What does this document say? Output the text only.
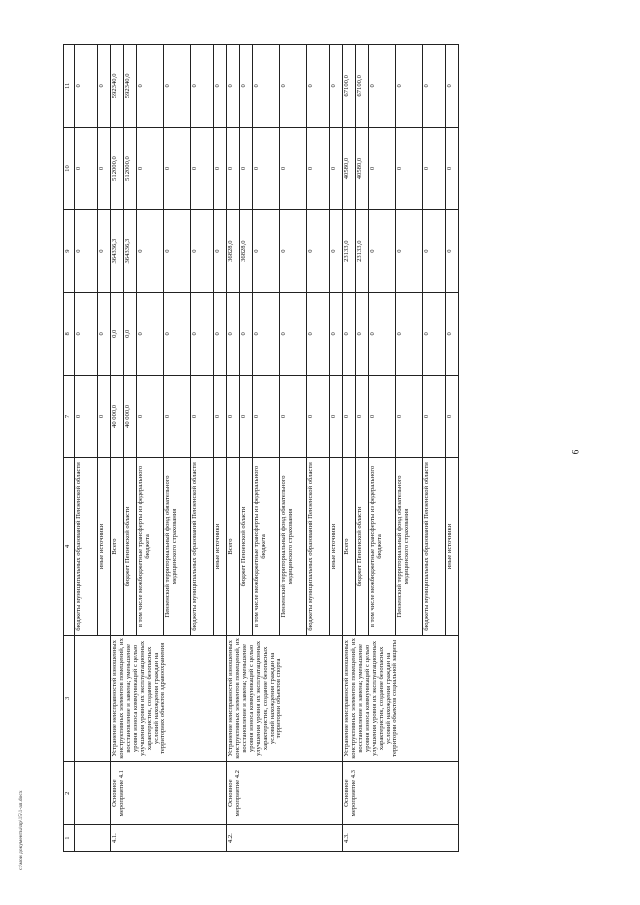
6
c:\мои документы\пр\15\1-ап.docx	1	2	3	4	7	8	9	10	11
			бюджеты муниципальных образований Пензенской области	0	0	0	0	0
			иные источники	0	0	0	0	0
4.1.	Основное мероприятие 4.1	Устранение неисправностей изношенных конструктивных элементов помещений, их восстановление и замена; уменьшение уровня износа коммуникаций с целью улучшения уровня их эксплуатационных характеристик, создание безопасных условий нахождения граждан на территориях объектов здравоохранения	Всего	40 000,0	0,0	364336,3	512000,0	592340,0
			бюджет Пензенской области	40 000,0	0,0	364336,3	512000,0	592340,0
			в том числе межбюджетные трансферты из федерального бюджета	0	0	0	0	0
			Пензенский территориальный фонд обязательного медицинского страхования	0	0	0	0	0
			бюджеты муниципальных образований Пензенской области	0	0	0	0	0
			иные источники	0	0	0	0	0
4.2.	Основное мероприятие 4.2	Устранение неисправностей изношенных конструктивных элементов помещений, их восстановление и замена; уменьшение уровня износа коммуникаций с целью улучшения уровня их эксплуатационных характеристик, создание безопасных условий нахождения граждан на территории объектов спорта	Всего	0	0	36828,0	0	0
			бюджет Пензенской области	0	0	36828,0	0	0
			в том числе межбюджетные трансферты из федерального бюджета	0	0	0	0	0
			Пензенский территориальный фонд обязательного медицинского страхования	0	0	0	0	0
			бюджеты муниципальных образований Пензенской области	0	0	0	0	0
			иные источники	0	0	0	0	0
4.3.	Основное мероприятие 4.3	Устранение неисправностей изношенных конструктивных элементов помещений, их восстановление и замена; уменьшение уровня износа коммуникаций с целью улучшения уровня их эксплуатационных характеристик, создание безопасных условий нахождения граждан на территории объектов социальной защиты	Всего	0	0	23133,0	40580,0	67100,0
			бюджет Пензенской области	0	0	23133,0	40580,0	67100,0
			в том числе межбюджетные трансферты из федерального бюджета	0	0	0	0	0
			Пензенский территориальный фонд обязательного медицинского страхования	0	0	0	0	0
			бюджеты муниципальных образований Пензенской области	0	0	0	0	0
			иные источники	0	0	0	0	0
